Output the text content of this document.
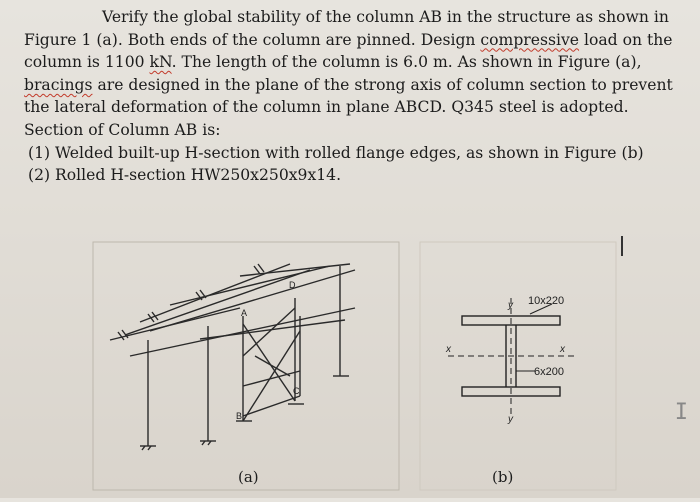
Verify the global stability of the column AB in the structure as shown in
Figure 1 (a). Both ends of the column are pinned. Design compressive load on the
column is 1100 kN. The length of the column is 6.0 m. As shown in Figure (a),
bracings are designed in the plane of the strong axis of column section to prevent
the lateral deformation of the column in plane ABCD. Q345 steel is adopted.
Section of Column AB is:
(1) Welded built-up H-section with rolled flange edges, as shown in Figure (b)
(2) Rolled H-section HW250x250x9x14.
D
A
B
C
y
x	x
y
10x220
6x200
(a)	(b)
I
